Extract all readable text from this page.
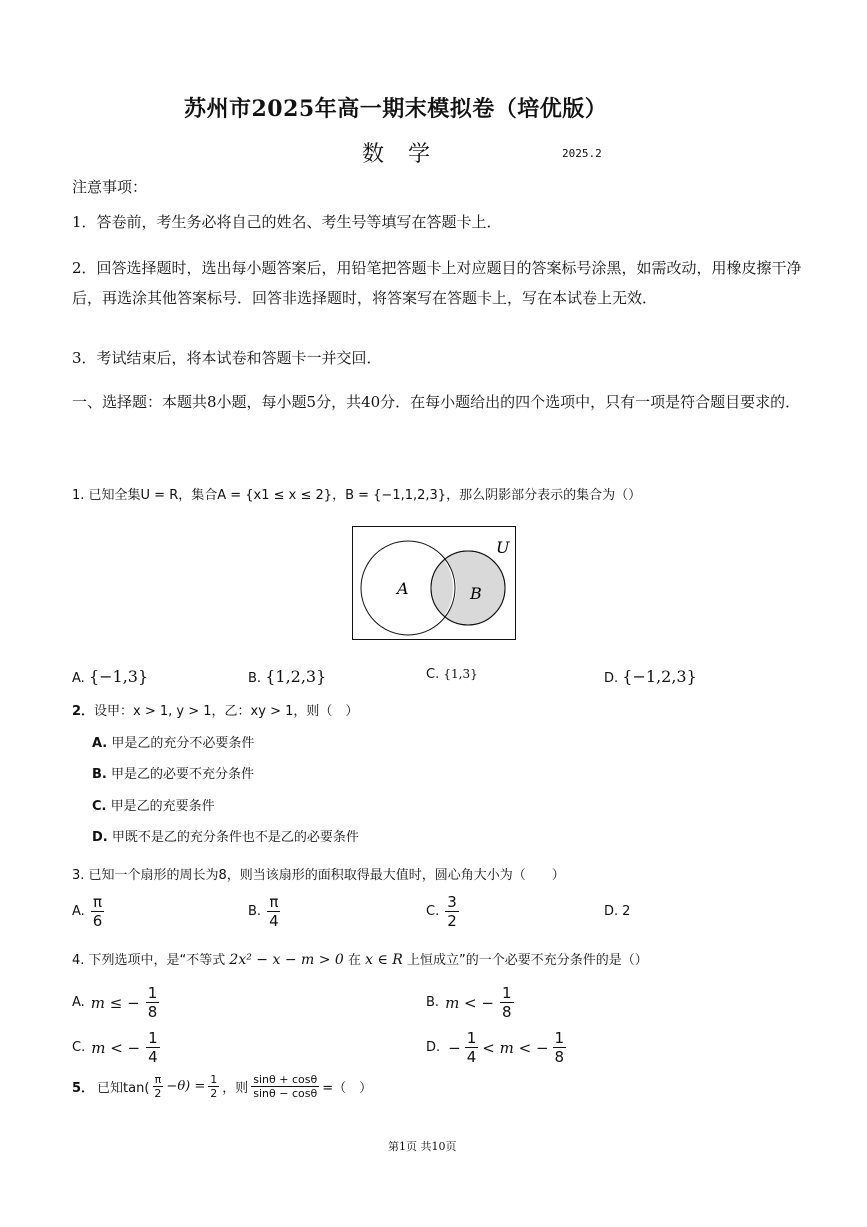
苏州市2025年高一期末模拟卷（培优版）
数学	2025.2
注意事项：
1．答卷前，考生务必将自己的姓名、考生号等填写在答题卡上．
2．回答选择题时，选出每小题答案后，用铅笔把答题卡上对应题目的答案标号涂黑，如需改动，用橡皮擦干净后，再选涂其他答案标号．回答非选择题时，将答案写在答题卡上，写在本试卷上无效．
3．考试结束后，将本试卷和答题卡一并交回．
一、选择题：本题共8小题，每小题5分，共40分．在每小题给出的四个选项中，只有一项是符合题目要求的．
1. 已知全集U = R，集合A = {x1 ≤ x ≤ 2}，B = {−1,1,2,3}，那么阴影部分表示的集合为（）
U
A	B
A. {−1,3}	B. {1,2,3}	C. {1,3}	D. {−1,2,3}
2．设甲：x > 1, y > 1，乙：xy > 1，则（　）
A. 甲是乙的充分不必要条件
B. 甲是乙的必要不充分条件
C. 甲是乙的充要条件
D. 甲既不是乙的充分条件也不是乙的必要条件
3. 已知一个扇形的周长为8，则当该扇形的面积取得最大值时，圆心角大小为（　　）
A. $\frac{\pi}{6}$	B. $\frac{\pi}{4}$	C. $\frac{3}{2}$	D. 2
4. 下列选项中，是“不等式 2x² − x − m > 0 在 x ∈ R 上恒成立”的一个必要不充分条件的是（）
A. m ≤ − $\frac{1}{8}$	B. m < − $\frac{1}{8}$
C. m < − $\frac{1}{4}$	D. − $\frac{1}{4} < m$ < − $\frac{1}{8}$
5． 已知$\tan( \frac{\pi}{2} -\theta) = \frac{1}{2}$ ，则 $\frac{\sin\theta + \cos\theta}{\sin\theta - \cos\theta}$ =（　）
第1页 共10页
